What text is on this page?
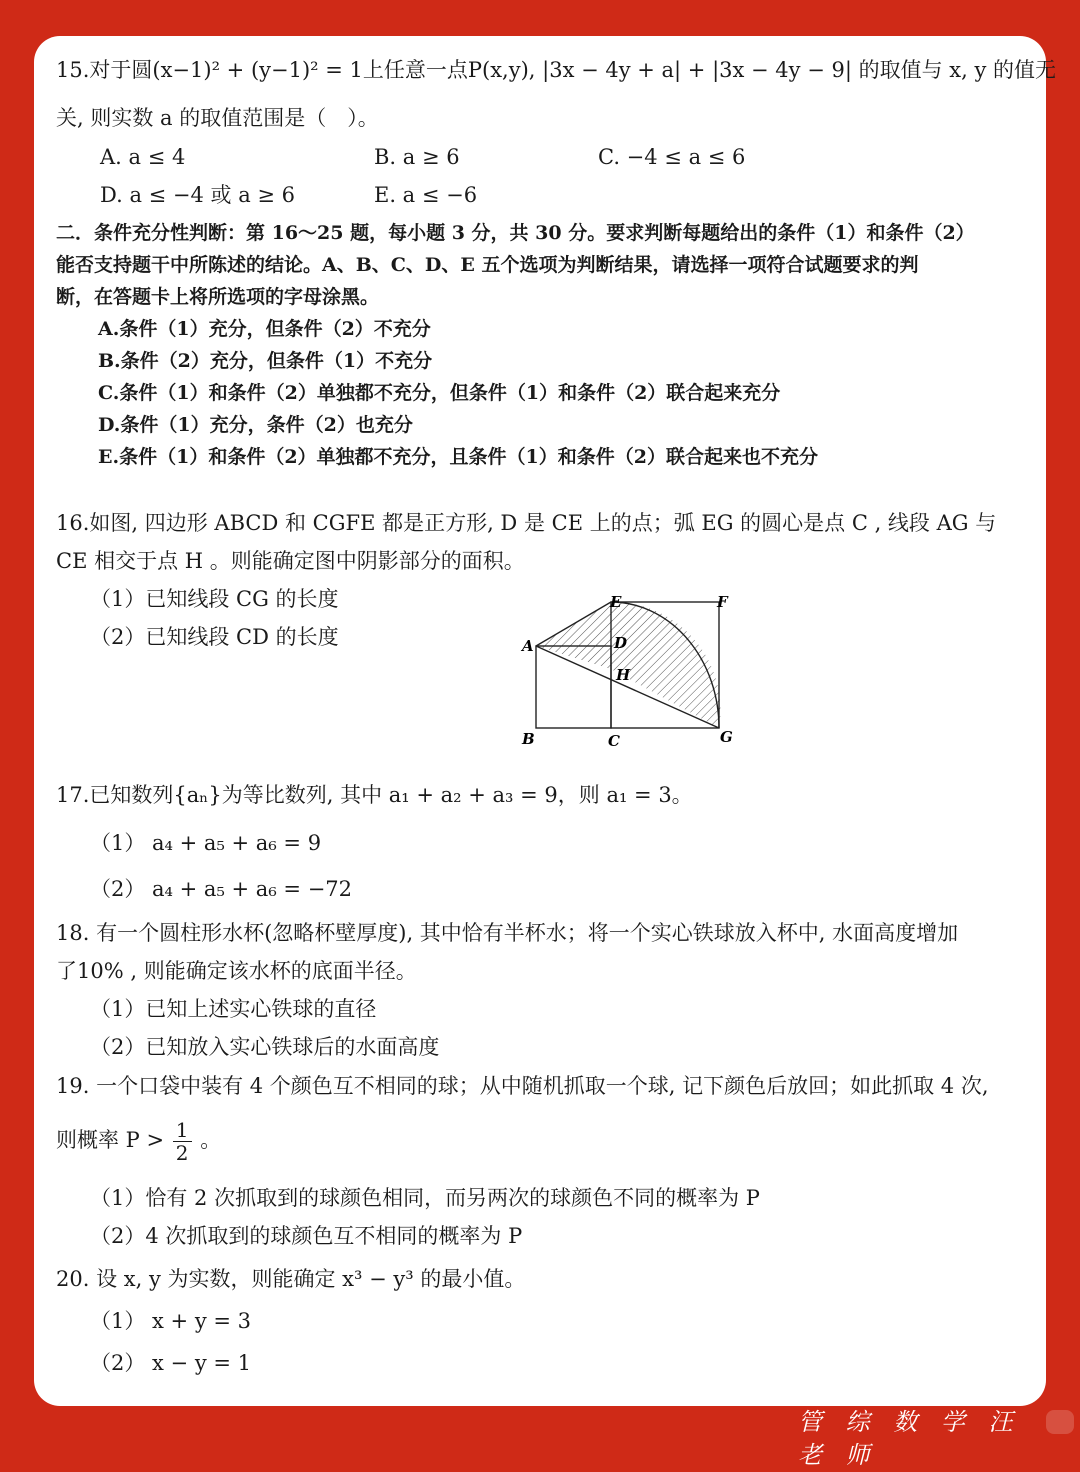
15.对于圆(x−1)² + (y−1)² = 1上任意一点P(x,y), |3x − 4y + a| + |3x − 4y − 9| 的取值与 x, y 的值无
关, 则实数 a 的取值范围是（　）。
A. a ≤ 4	B. a ≥ 6	C. −4 ≤ a ≤ 6
D. a ≤ −4 或 a ≥ 6	E. a ≤ −6
二．条件充分性判断：第 16～25 题，每小题 3 分，共 30 分。要求判断每题给出的条件（1）和条件（2）
能否支持题干中所陈述的结论。A、B、C、D、E 五个选项为判断结果，请选择一项符合试题要求的判
断，在答题卡上将所选项的字母涂黑。
A.条件（1）充分，但条件（2）不充分
B.条件（2）充分，但条件（1）不充分
C.条件（1）和条件（2）单独都不充分，但条件（1）和条件（2）联合起来充分
D.条件（1）充分，条件（2）也充分
E.条件（1）和条件（2）单独都不充分，且条件（1）和条件（2）联合起来也不充分
16.如图, 四边形 ABCD 和 CGFE 都是正方形, D 是 CE 上的点；弧 EG 的圆心是点 C , 线段 AG 与
CE 相交于点 H 。则能确定图中阴影部分的面积。
（1）已知线段 CG 的长度
（2）已知线段 CD 的长度
17.已知数列{aₙ}为等比数列, 其中 a₁ + a₂ + a₃ = 9，则 a₁ = 3。
（1） a₄ + a₅ + a₆ = 9
（2） a₄ + a₅ + a₆ = −72
18. 有一个圆柱形水杯(忽略杯壁厚度), 其中恰有半杯水；将一个实心铁球放入杯中, 水面高度增加
了10% , 则能确定该水杯的底面半径。
（1）已知上述实心铁球的直径
（2）已知放入实心铁球后的水面高度
19. 一个口袋中装有 4 个颜色互不相同的球；从中随机抓取一个球, 记下颜色后放回；如此抓取 4 次,
则概率 $P > \frac{1}{2}$ 。
（1）恰有 2 次抓取到的球颜色相同，而另两次的球颜色不同的概率为 P
（2）4 次抓取到的球颜色互不相同的概率为 P
20. 设 x, y 为实数，则能确定 x³ − y³ 的最小值。
（1） x + y = 3
（2） x − y = 1
A
B	C
D
E	F
G
H
管 综 数 学 汪 老 师
